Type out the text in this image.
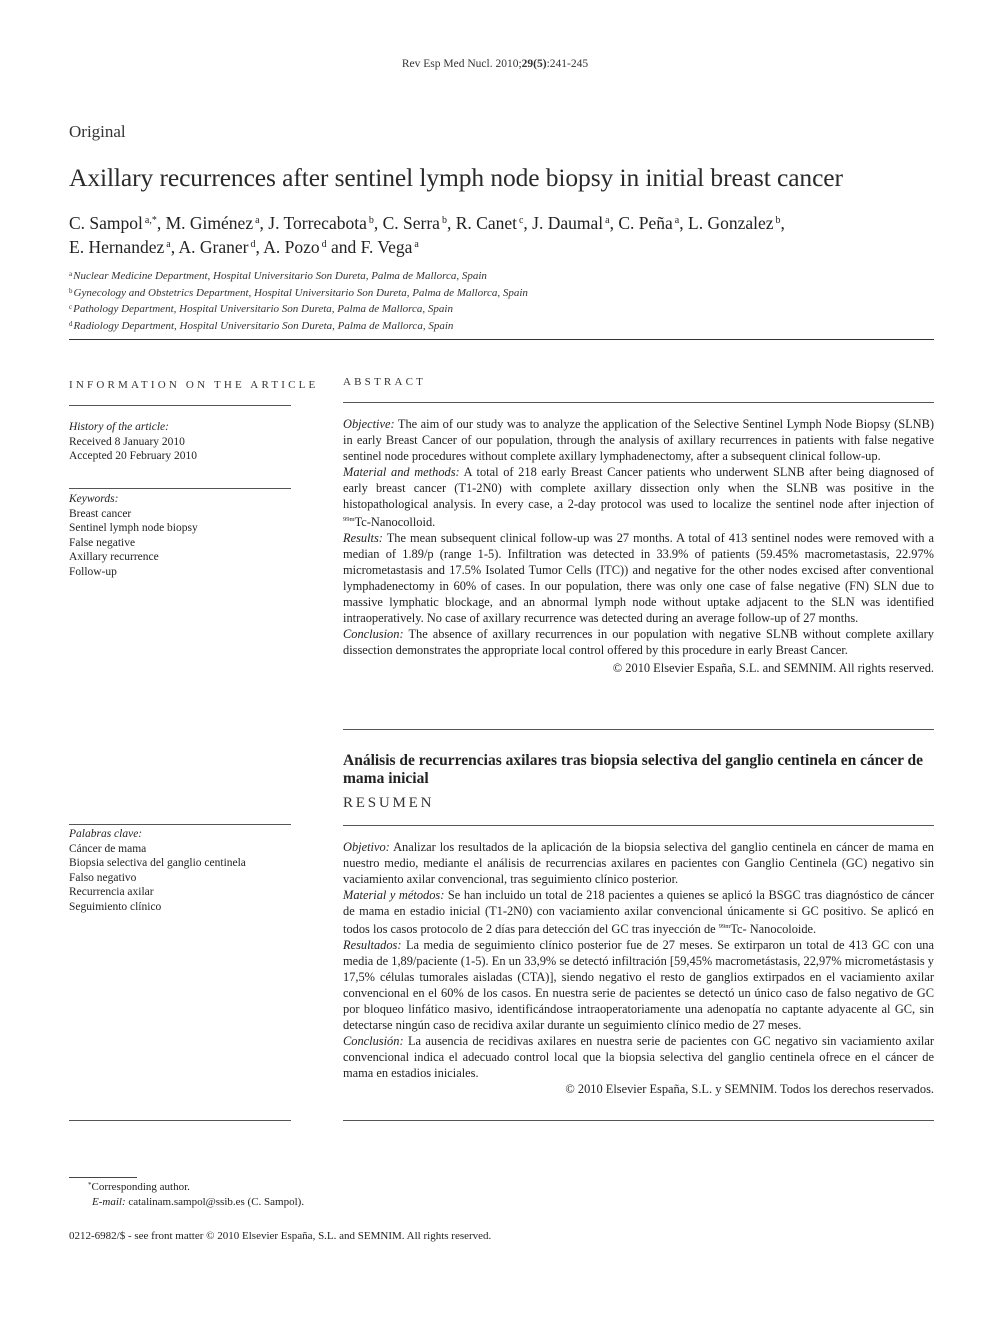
Rev Esp Med Nucl. 2010;29(5):241-245
Original
Axillary recurrences after sentinel lymph node biopsy in initial breast cancer
C. Sampol $^{a,*}$, M. Giménez $^a$, J. Torrecabota $^b$, C. Serra $^b$, R. Canet $^c$, J. Daumal $^a$, C. Peña $^a$, L. Gonzalez $^b$,
E. Hernandez $^a$, A. Graner $^d$, A. Pozo $^d$ and F. Vega $^a$
$^a$Nuclear Medicine Department, Hospital Universitario Son Dureta, Palma de Mallorca, Spain
$^b$Gynecology and Obstetrics Department, Hospital Universitario Son Dureta, Palma de Mallorca, Spain
$^c$Pathology Department, Hospital Universitario Son Dureta, Palma de Mallorca, Spain
$^d$Radiology Department, Hospital Universitario Son Dureta, Palma de Mallorca, Spain
INFORMATION ON THE ARTICLE
History of the article:
Received 8 January 2010
Accepted 20 February 2010
Keywords:
Breast cancer
Sentinel lymph node biopsy
False negative
Axillary recurrence
Follow-up
Palabras clave:
Cáncer de mama
Biopsia selectiva del ganglio centinela
Falso negativo
Recurrencia axilar
Seguimiento clínico
ABSTRACT

Objective: The aim of our study was to analyze the application of the Selective Sentinel Lymph Node Biopsy (SLNB) in early Breast Cancer of our population, through the analysis of axillary recurrences in patients with false negative sentinel node procedures without complete axillary lymphadenectomy, after a subsequent clinical follow-up.

Material and methods: A total of 218 early Breast Cancer patients who underwent SLNB after being diagnosed of early breast cancer (T1-2N0) with complete axillary dissection only when the SLNB was positive in the histopathological analysis. In every case, a 2-day protocol was used to localize the sentinel node after injection of $^{99m}$Tc-Nanocolloid.

Results: The mean subsequent clinical follow-up was 27 months. A total of 413 sentinel nodes were removed with a median of 1.89/p (range 1-5). Infiltration was detected in 33.9% of patients (59.45% macrometastasis, 22.97% micrometastasis and 17.5% Isolated Tumor Cells (ITC)) and negative for the other nodes excised after conventional lymphadenectomy in 60% of cases. In our population, there was only one case of false negative (FN) SLN due to massive lymphatic blockage, and an abnormal lymph node without uptake adjacent to the SLN was identified intraoperatively. No case of axillary recurrence was detected during an average follow-up of 27 months.

Conclusion: The absence of axillary recurrences in our population with negative SLNB without complete axillary dissection demonstrates the appropriate local control offered by this procedure in early Breast Cancer.

© 2010 Elsevier España, S.L. and SEMNIM. All rights reserved.

Análisis de recurrencias axilares tras biopsia selectiva del ganglio centinela en cáncer de mama inicial
RESUMEN

Objetivo: Analizar los resultados de la aplicación de la biopsia selectiva del ganglio centinela en cáncer de mama en nuestro medio, mediante el análisis de recurrencias axilares en pacientes con Ganglio Centinela (GC) negativo sin vaciamiento axilar convencional, tras seguimiento clínico posterior.

Material y métodos: Se han incluido un total de 218 pacientes a quienes se aplicó la BSGC tras diagnóstico de cáncer de mama en estadio inicial (T1-2N0) con vaciamiento axilar convencional únicamente si GC positivo. Se aplicó en todos los casos protocolo de 2 días para detección del GC tras inyección de $^{99m}$Tc- Nanocoloide.

Resultados: La media de seguimiento clínico posterior fue de 27 meses. Se extirparon un total de 413 GC con una media de 1,89/paciente (1-5). En un 33,9% se detectó infiltración [59,45% macrometástasis, 22,97% micrometástasis y 17,5% células tumorales aisladas (CTA)], siendo negativo el resto de ganglios extirpados en el vaciamiento axilar convencional en el 60% de los casos. En nuestra serie de pacientes se detectó un único caso de falso negativo de GC por bloqueo linfático masivo, identificándose intraoperatoriamente una adenopatía no captante adyacente al GC, sin detectarse ningún caso de recidiva axilar durante un seguimiento clínico medio de 27 meses.

Conclusión: La ausencia de recidivas axilares en nuestra serie de pacientes con GC negativo sin vaciamiento axilar convencional indica el adecuado control local que la biopsia selectiva del ganglio centinela ofrece en el cáncer de mama en estadios iniciales.

© 2010 Elsevier España, S.L. y SEMNIM. Todos los derechos reservados.

*Corresponding author.
E-mail: catalinam.sampol@ssib.es (C. Sampol).
0212-6982/$ - see front matter © 2010 Elsevier España, S.L. and SEMNIM. All rights reserved.
